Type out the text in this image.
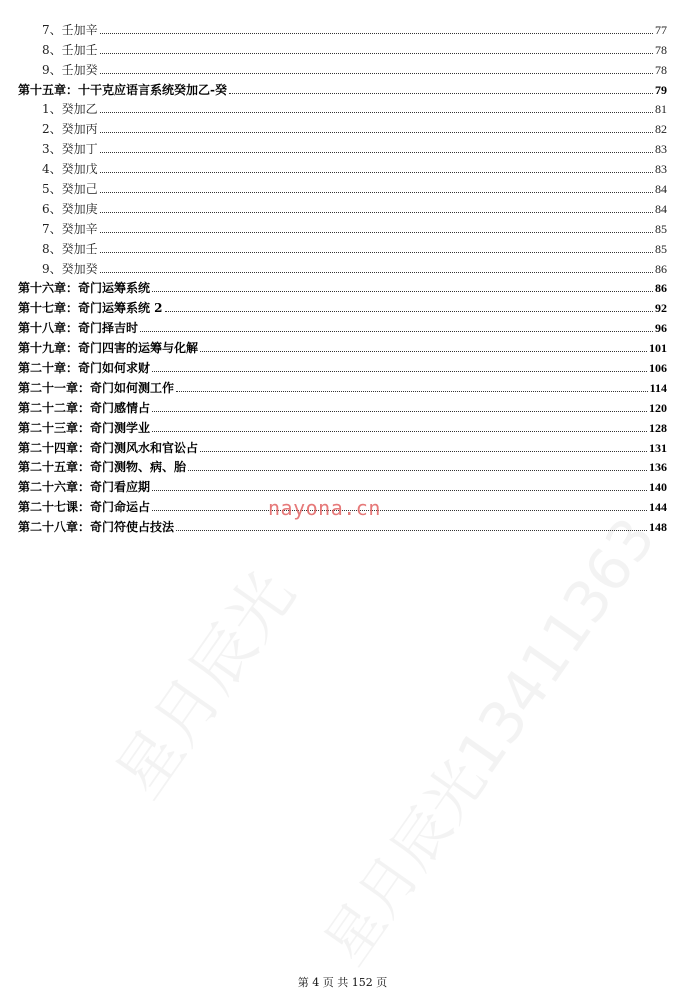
7、壬加辛	77
8、壬加壬	78
9、壬加癸	78
第十五章：十干克应语言系统癸加乙-癸	79
1、癸加乙	81
2、癸加丙	82
3、癸加丁	83
4、癸加戊	83
5、癸加己	84
6、癸加庚	84
7、癸加辛	85
8、癸加壬	85
9、癸加癸	86
第十六章：奇门运筹系统	86
第十七章：奇门运筹系统 2	92
第十八章：奇门择吉时	96
第十九章：奇门四害的运筹与化解	101
第二十章：奇门如何求财	106
第二十一章：奇门如何测工作	114
第二十二章：奇门感情占	120
第二十三章：奇门测学业	128
第二十四章：奇门测风水和官讼占	131
第二十五章：奇门测物、病、胎	136
第二十六章：奇门看应期	140
第二十七课：奇门命运占	144
第二十八章：奇门符使占技法	148
nayona.cn
第 4 页 共 152 页
